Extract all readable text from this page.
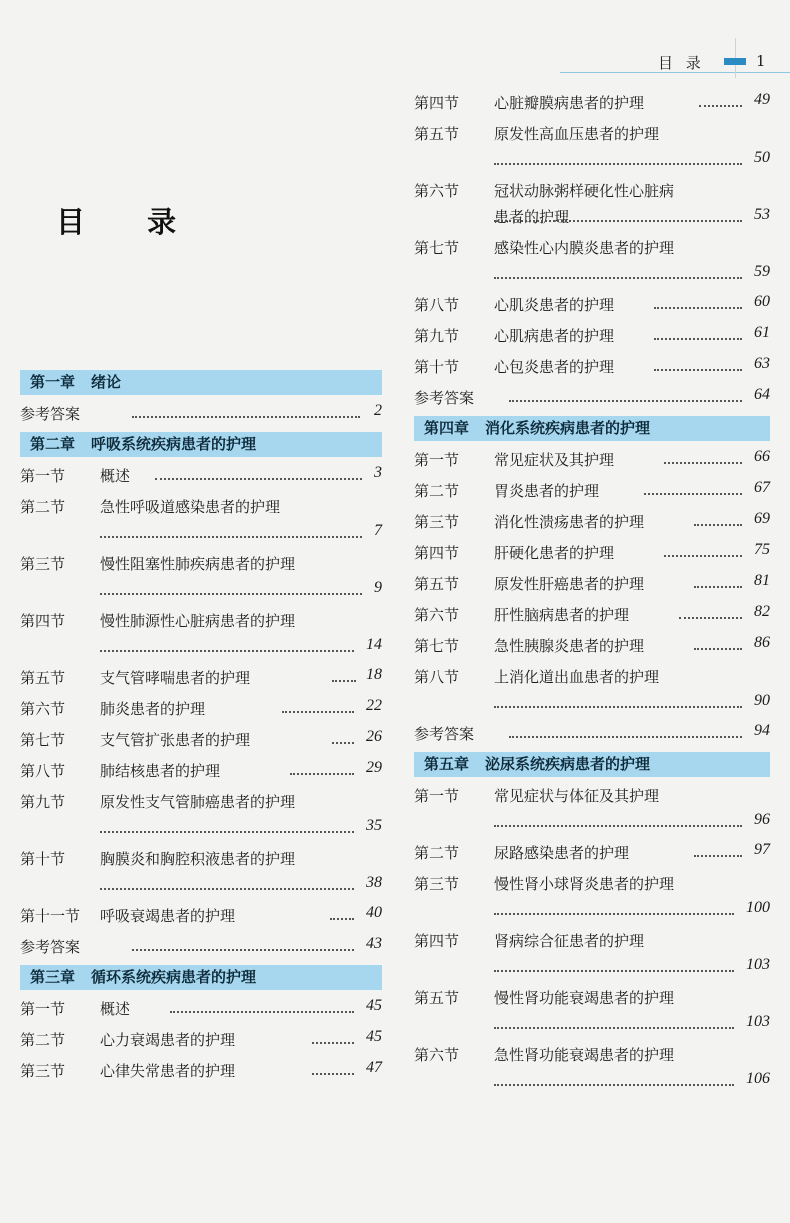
目 录	1
目 录
第一章 绪论
参考答案	2
第二章 呼吸系统疾病患者的护理
第一节 概述	3
第二节 急性呼吸道感染患者的护理
7
第三节 慢性阻塞性肺疾病患者的护理
9
第四节 慢性肺源性心脏病患者的护理
14
第五节 支气管哮喘患者的护理	18
第六节 肺炎患者的护理	22
第七节 支气管扩张患者的护理	26
第八节 肺结核患者的护理	29
第九节 原发性支气管肺癌患者的护理
35
第十节 胸膜炎和胸腔积液患者的护理
38
第十一节 呼吸衰竭患者的护理	40
参考答案	43
第三章 循环系统疾病患者的护理
第一节 概述	45
第二节 心力衰竭患者的护理	45
第三节 心律失常患者的护理	47
第四节 心脏瓣膜病患者的护理	49
第五节 原发性高血压患者的护理
50
第六节 冠状动脉粥样硬化性心脏病
患者的护理	53
第七节 感染性心内膜炎患者的护理
59
第八节 心肌炎患者的护理	60
第九节 心肌病患者的护理	61
第十节 心包炎患者的护理	63
参考答案	64
第四章 消化系统疾病患者的护理
第一节 常见症状及其护理	66
第二节 胃炎患者的护理	67
第三节 消化性溃疡患者的护理	69
第四节 肝硬化患者的护理	75
第五节 原发性肝癌患者的护理	81
第六节 肝性脑病患者的护理	82
第七节 急性胰腺炎患者的护理	86
第八节 上消化道出血患者的护理
90
参考答案	94
第五章 泌尿系统疾病患者的护理
第一节 常见症状与体征及其护理
96
第二节 尿路感染患者的护理	97
第三节 慢性肾小球肾炎患者的护理
100
第四节 肾病综合征患者的护理
103
第五节 慢性肾功能衰竭患者的护理
103
第六节 急性肾功能衰竭患者的护理
106
